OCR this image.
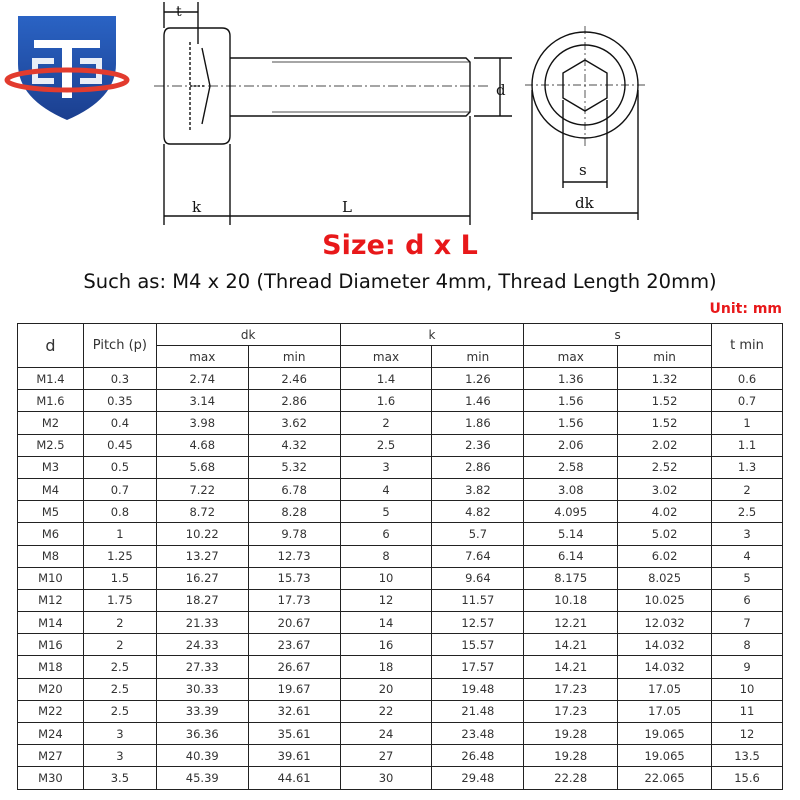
t
d
k	L
s
dk
Size: d x L
Such as: M4 x 20 (Thread Diameter 4mm, Thread Length 20mm)
Unit: mm
d	Pitch (p)	dk		k		s		t min
		max	min	max	min	max	min	
M1.4	0.3	2.74	2.46	1.4	1.26	1.36	1.32	0.6
M1.6	0.35	3.14	2.86	1.6	1.46	1.56	1.52	0.7
M2	0.4	3.98	3.62	2	1.86	1.56	1.52	1
M2.5	0.45	4.68	4.32	2.5	2.36	2.06	2.02	1.1
M3	0.5	5.68	5.32	3	2.86	2.58	2.52	1.3
M4	0.7	7.22	6.78	4	3.82	3.08	3.02	2
M5	0.8	8.72	8.28	5	4.82	4.095	4.02	2.5
M6	1	10.22	9.78	6	5.7	5.14	5.02	3
M8	1.25	13.27	12.73	8	7.64	6.14	6.02	4
M10	1.5	16.27	15.73	10	9.64	8.175	8.025	5
M12	1.75	18.27	17.73	12	11.57	10.18	10.025	6
M14	2	21.33	20.67	14	12.57	12.21	12.032	7
M16	2	24.33	23.67	16	15.57	14.21	14.032	8
M18	2.5	27.33	26.67	18	17.57	14.21	14.032	9
M20	2.5	30.33	19.67	20	19.48	17.23	17.05	10
M22	2.5	33.39	32.61	22	21.48	17.23	17.05	11
M24	3	36.36	35.61	24	23.48	19.28	19.065	12
M27	3	40.39	39.61	27	26.48	19.28	19.065	13.5
M30	3.5	45.39	44.61	30	29.48	22.28	22.065	15.6
